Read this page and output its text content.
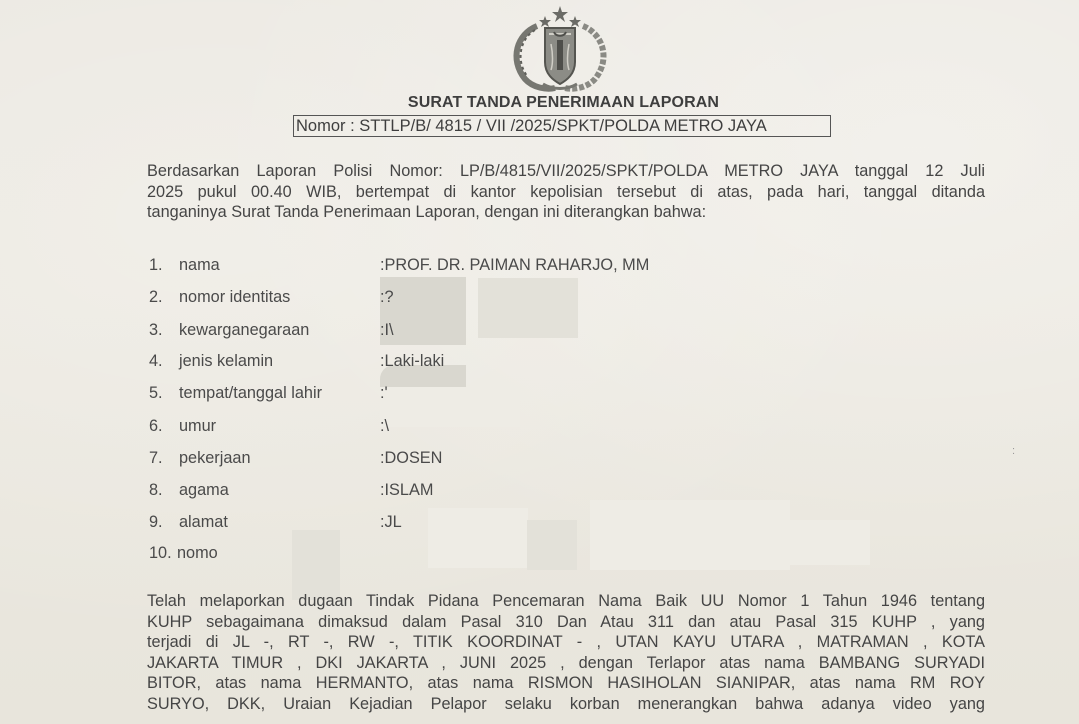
SURAT TANDA PENERIMAAN LAPORAN
Nomor : STTLP/B/ 4815 / VII /2025/SPKT/POLDA METRO JAYA
Berdasarkan Laporan Polisi Nomor: LP/B/4815/VII/2025/SPKT/POLDA METRO JAYA tanggal 12 Juli
2025 pukul 00.40 WIB, bertempat di kantor kepolisian tersebut di atas, pada hari, tanggal ditanda
tanganinya Surat Tanda Penerimaan Laporan, dengan ini diterangkan bahwa:
1.	nama	:PROF. DR. PAIMAN RAHARJO, MM
2.	nomor identitas	:?
3.	kewarganegaraan	:I\
4.	jenis kelamin	:Laki-laki
5.	tempat/tanggal lahir	:'
6.	umur	:\
7.	pekerjaan	:DOSEN
8.	agama	:ISLAM
9.	alamat	:JL
10. nomo
Telah melaporkan dugaan Tindak Pidana Pencemaran Nama Baik UU Nomor 1 Tahun 1946 tentang
KUHP sebagaimana dimaksud dalam Pasal 310 Dan Atau 311 dan atau Pasal 315 KUHP , yang
terjadi di JL -, RT -, RW -, TITIK KOORDINAT - , UTAN KAYU UTARA , MATRAMAN , KOTA
JAKARTA TIMUR , DKI JAKARTA , JUNI 2025 , dengan Terlapor atas nama BAMBANG SURYADI
BITOR, atas nama HERMANTO, atas nama RISMON HASIHOLAN SIANIPAR, atas nama RM ROY
SURYO, DKK, Uraian Kejadian Pelapor selaku korban menerangkan bahwa adanya video yang
:
